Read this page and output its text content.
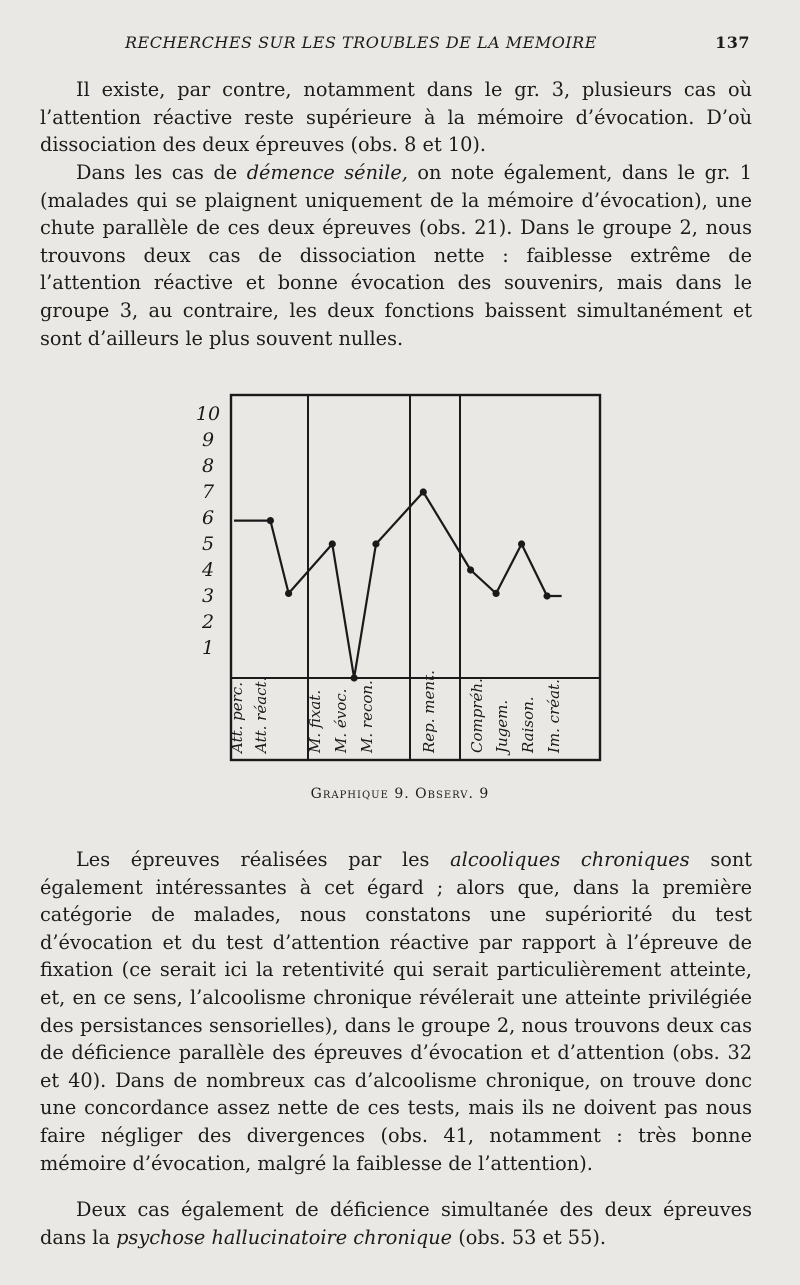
RECHERCHES SUR LES TROUBLES DE LA MEMOIRE	137
Il existe, par contre, notamment dans le gr. 3, plusieurs cas où l’attention réactive reste supérieure à la mémoire d’évocation. D’où dissociation des deux épreuves (obs. 8 et 10).
Dans les cas de démence sénile, on note également, dans le gr. 1 (malades qui se plaignent uniquement de la mémoire d’évocation), une chute parallèle de ces deux épreuves (obs. 21). Dans le groupe 2, nous trouvons deux cas de dissociation nette : faiblesse extrême de l’attention réactive et bonne évocation des souvenirs, mais dans le groupe 3, au contraire, les deux fonctions baissent simultanément et sont d’ailleurs le plus souvent nulles.
1
2
3
4
5
6
7
8
9
10
Att. perc. Att. réact. M. fixat. M. évoc. M. recon.	Rep. ment. Compréh. Jugem. Raison. Im. créat.
Graphique 9. Observ. 9
Les épreuves réalisées par les alcooliques chroniques sont également intéressantes à cet égard ; alors que, dans la première catégorie de malades, nous constatons une supériorité du test d’évocation et du test d’attention réactive par rapport à l’épreuve de fixation (ce serait ici la retentivité qui serait particulièrement atteinte, et, en ce sens, l’alcoolisme chronique révélerait une atteinte privilégiée des persistances sensorielles), dans le groupe 2, nous trouvons deux cas de déficience parallèle des épreuves d’évocation et d’attention (obs. 32 et 40). Dans de nombreux cas d’alcoolisme chronique, on trouve donc une concordance assez nette de ces tests, mais ils ne doivent pas nous faire négliger des divergences (obs. 41, notamment : très bonne mémoire d’évocation, malgré la faiblesse de l’attention).
Deux cas également de déficience simultanée des deux épreuves dans la psychose hallucinatoire chronique (obs. 53 et 55).
